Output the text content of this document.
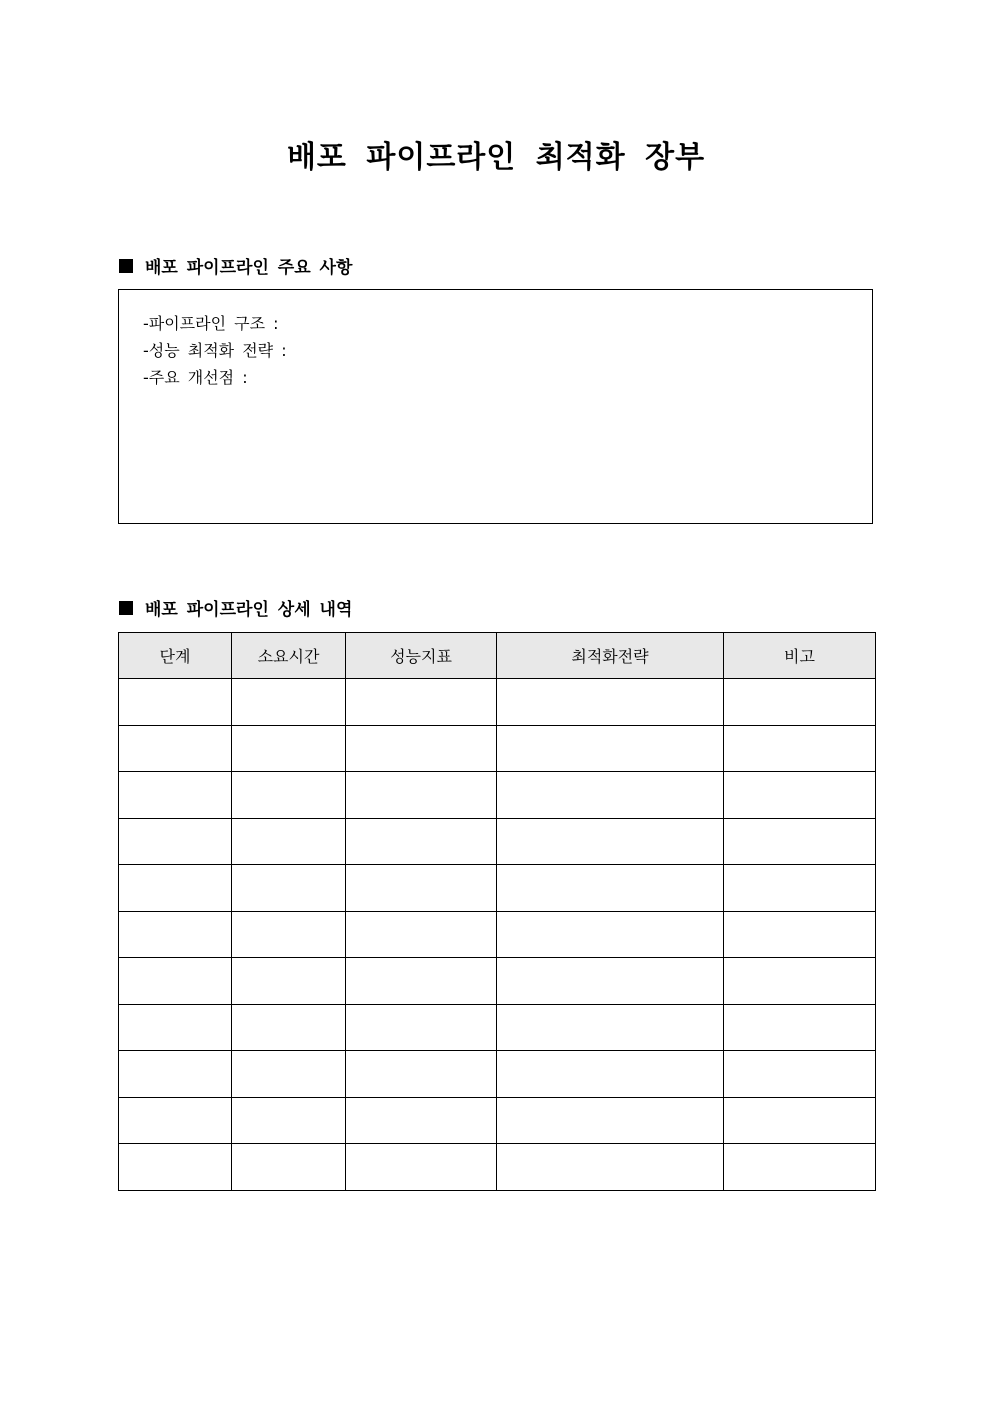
배포 파이프라인 최적화 장부
배포 파이프라인 주요 사항
-파이프라인 구조 :
-성능 최적화 전략 :
-주요 개선점 :
배포 파이프라인 상세 내역
단계	소요시간	성능지표	최적화전략	비고
